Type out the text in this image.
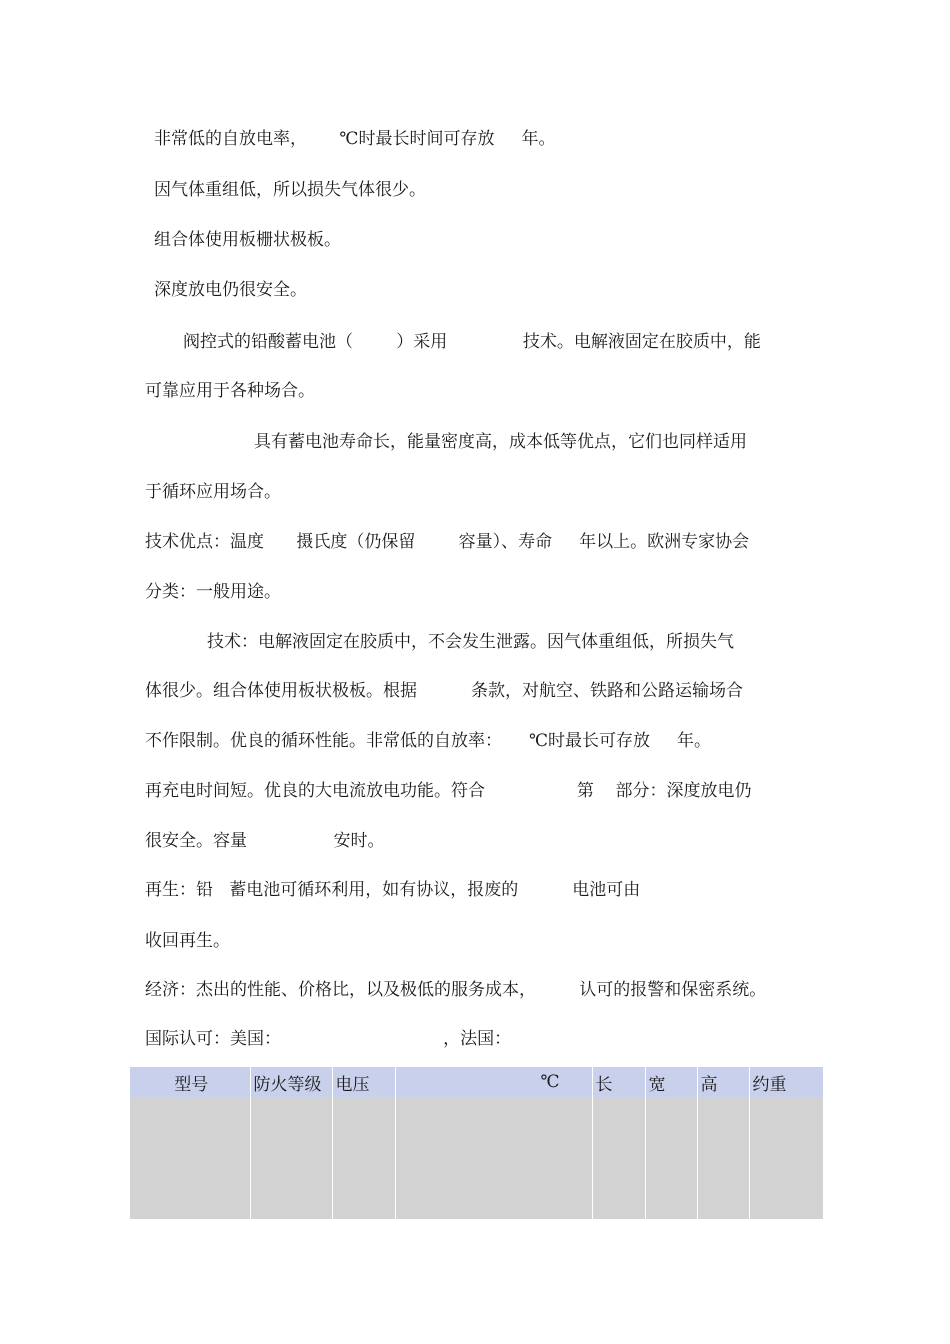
非常低的自放电率，      ℃时最长时间可存放     年。
因气体重组低，所以损失气体很少。
组合体使用板栅状极板。
深度放电仍很安全。
阀控式的铅酸蓄电池（        ）采用              技术。电解液固定在胶质中，能
可靠应用于各种场合。
具有蓄电池寿命长，能量密度高，成本低等优点，它们也同样适用
于循环应用场合。
技术优点：温度      摄氏度（仍保留        容量）、寿命     年以上。欧洲专家协会
分类：一般用途。
技术：电解液固定在胶质中，不会发生泄露。因气体重组低，所损失气
体很少。组合体使用板状极板。根据          条款，对航空、铁路和公路运输场合
不作限制。优良的循环性能。非常低的自放率：     ℃时最长可存放     年。
再充电时间短。优良的大电流放电功能。符合                 第    部分：深度放电仍
很安全。容量                安时。
再生：铅   蓄电池可循环利用，如有协议，报废的          电池可由
收回再生。
经济：杰出的性能、价格比，以及极低的服务成本，        认可的报警和保密系统。
国际认可：美国：                              ，法国：
型号	防火等级	电压	℃	长	宽	高	约重
